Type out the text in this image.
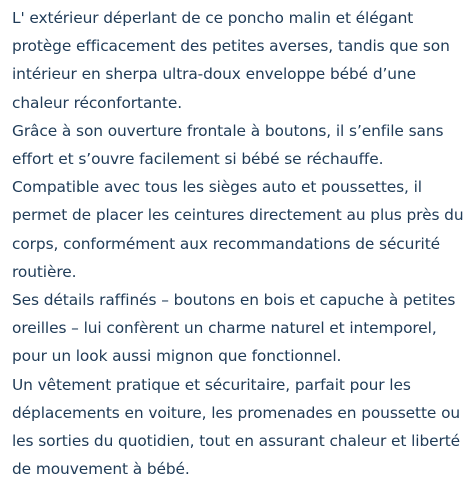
L' extérieur déperlant de ce poncho malin et élégant protège efficacement des petites averses, tandis que son intérieur en sherpa ultra-doux enveloppe bébé d’une chaleur réconfortante.

Grâce à son ouverture frontale à boutons, il s’enfile sans effort et s’ouvre facilement si bébé se réchauffe.

Compatible avec tous les sièges auto et poussettes, il permet de placer les ceintures directement au plus près du corps, conformément aux recommandations de sécurité routière.

Ses détails raffinés – boutons en bois et capuche à petites oreilles – lui confèrent un charme naturel et intemporel, pour un look aussi mignon que fonctionnel.

Un vêtement pratique et sécuritaire, parfait pour les déplacements en voiture, les promenades en poussette ou les sorties du quotidien, tout en assurant chaleur et liberté de mouvement à bébé.
